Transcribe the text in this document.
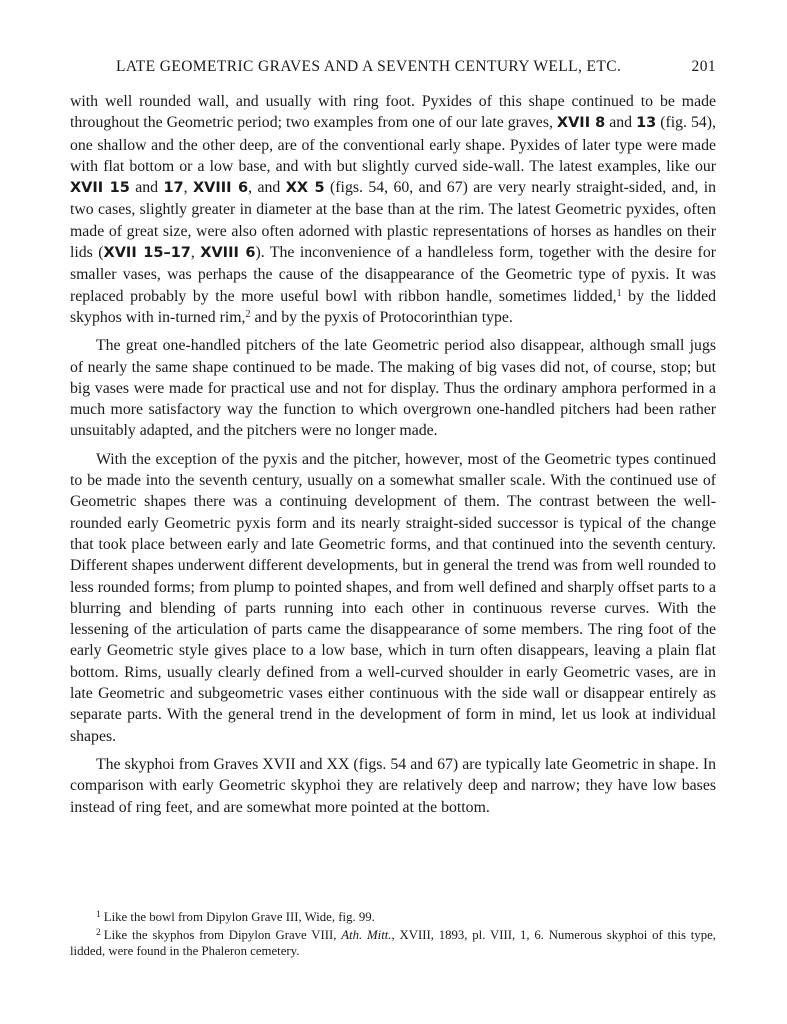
LATE GEOMETRIC GRAVES AND A SEVENTH CENTURY WELL, ETC.	201

with well rounded wall, and usually with ring foot. Pyxides of this shape continued to be made throughout the Geometric period; two examples from one of our late graves, XVII 8 and 13 (fig. 54), one shallow and the other deep, are of the conventional early shape. Pyxides of later type were made with flat bottom or a low base, and with but slightly curved side-wall. The latest examples, like our XVII 15 and 17, XVIII 6, and XX 5 (figs. 54, 60, and 67) are very nearly straight-sided, and, in two cases, slightly greater in diameter at the base than at the rim. The latest Geometric pyxides, often made of great size, were also often adorned with plastic representations of horses as handles on their lids (XVII 15–17, XVIII 6). The inconvenience of a handleless form, together with the desire for smaller vases, was perhaps the cause of the disappearance of the Geometric type of pyxis. It was replaced probably by the more useful bowl with ribbon handle, sometimes lidded,$^1$ by the lidded skyphos with in-turned rim,$^2$ and by the pyxis of Protocorinthian type.

The great one-handled pitchers of the late Geometric period also disappear, although small jugs of nearly the same shape continued to be made. The making of big vases did not, of course, stop; but big vases were made for practical use and not for display. Thus the ordinary amphora performed in a much more satisfactory way the function to which overgrown one-handled pitchers had been rather unsuitably adapted, and the pitchers were no longer made.

With the exception of the pyxis and the pitcher, however, most of the Geometric types continued to be made into the seventh century, usually on a somewhat smaller scale. With the continued use of Geometric shapes there was a continuing development of them. The contrast between the well-rounded early Geometric pyxis form and its nearly straight-sided successor is typical of the change that took place between early and late Geometric forms, and that continued into the seventh century. Different shapes underwent different developments, but in general the trend was from well rounded to less rounded forms; from plump to pointed shapes, and from well defined and sharply offset parts to a blurring and blending of parts running into each other in continuous reverse curves. With the lessening of the articulation of parts came the disappearance of some members. The ring foot of the early Geometric style gives place to a low base, which in turn often disappears, leaving a plain flat bottom. Rims, usually clearly defined from a well-curved shoulder in early Geometric vases, are in late Geometric and subgeometric vases either continuous with the side wall or disappear entirely as separate parts. With the general trend in the development of form in mind, let us look at individual shapes.

The skyphoi from Graves XVII and XX (figs. 54 and 67) are typically late Geometric in shape. In comparison with early Geometric skyphoi they are relatively deep and narrow; they have low bases instead of ring feet, and are somewhat more pointed at the bottom.

$^1$ Like the bowl from Dipylon Grave III, Wide, fig. 99.
$^2$ Like the skyphos from Dipylon Grave VIII, Ath. Mitt., XVIII, 1893, pl. VIII, 1, 6. Numerous skyphoi of this type, lidded, were found in the Phaleron cemetery.
